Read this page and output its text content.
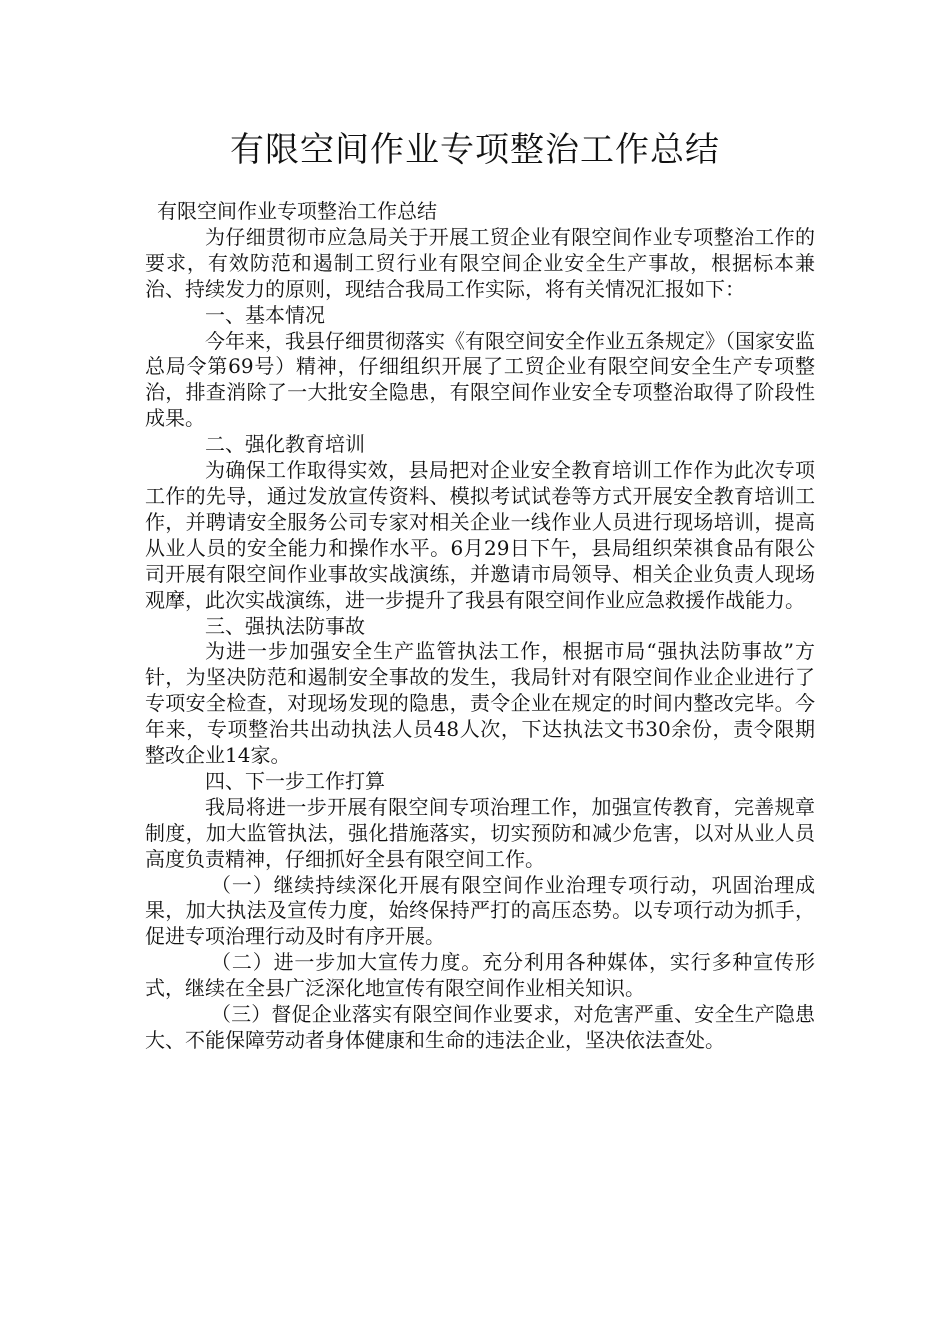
有限空间作业专项整治工作总结

有限空间作业专项整治工作总结

为仔细贯彻市应急局关于开展工贸企业有限空间作业专项整治工作的要求，有效防范和遏制工贸行业有限空间企业安全生产事故，根据标本兼治、持续发力的原则，现结合我局工作实际，将有关情况汇报如下：

一、基本情况

今年来，我县仔细贯彻落实《有限空间安全作业五条规定》（国家安监总局令第69号）精神，仔细组织开展了工贸企业有限空间安全生产专项整治，排查消除了一大批安全隐患，有限空间作业安全专项整治取得了阶段性成果。

二、强化教育培训

为确保工作取得实效，县局把对企业安全教育培训工作作为此次专项工作的先导，通过发放宣传资料、模拟考试试卷等方式开展安全教育培训工作，并聘请安全服务公司专家对相关企业一线作业人员进行现场培训，提高从业人员的安全能力和操作水平。6月29日下午，县局组织荣祺食品有限公司开展有限空间作业事故实战演练，并邀请市局领导、相关企业负责人现场观摩，此次实战演练，进一步提升了我县有限空间作业应急救援作战能力。

三、强执法防事故

为进一步加强安全生产监管执法工作，根据市局“强执法防事故”方针，为坚决防范和遏制安全事故的发生，我局针对有限空间作业企业进行了专项安全检查，对现场发现的隐患，责令企业在规定的时间内整改完毕。今年来，专项整治共出动执法人员48人次，下达执法文书30余份，责令限期整改企业14家。

四、下一步工作打算

我局将进一步开展有限空间专项治理工作，加强宣传教育，完善规章制度，加大监管执法，强化措施落实，切实预防和减少危害，以对从业人员高度负责精神，仔细抓好全县有限空间工作。

（一）继续持续深化开展有限空间作业治理专项行动，巩固治理成果，加大执法及宣传力度，始终保持严打的高压态势。以专项行动为抓手，促进专项治理行动及时有序开展。

（二）进一步加大宣传力度。充分利用各种媒体，实行多种宣传形式，继续在全县广泛深化地宣传有限空间作业相关知识。

（三）督促企业落实有限空间作业要求，对危害严重、安全生产隐患大、不能保障劳动者身体健康和生命的违法企业，坚决依法查处。
